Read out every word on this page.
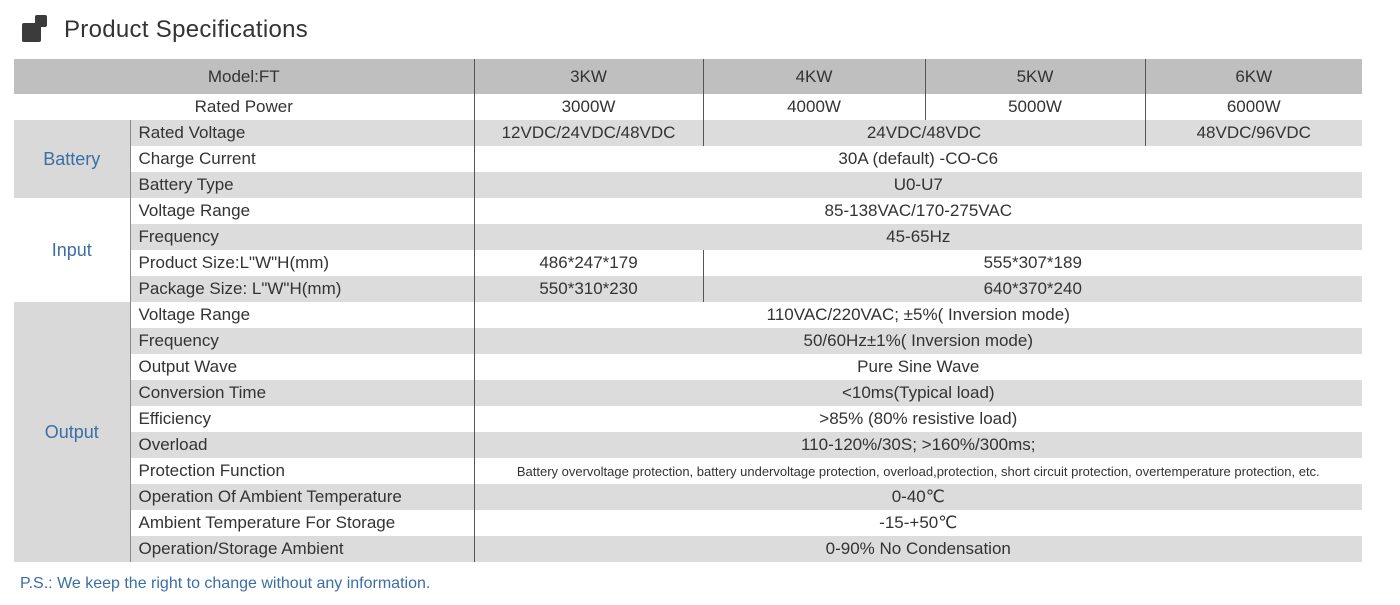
Product Specifications
Model:FT		3KW	4KW	5KW	6KW
Rated Power		3000W	4000W	5000W	6000W
Battery	Rated Voltage	12VDC/24VDC/48VDC	24VDC/48VDC		48VDC/96VDC
	Charge Current	30A (default) -CO-C6			
	Battery Type	U0-U7			
Input	Voltage Range	85-138VAC/170-275VAC			
	Frequency	45-65Hz			
	Product Size:L"W"H(mm)	486*247*179	555*307*189		
	Package Size: L"W"H(mm)	550*310*230	640*370*240		
Output	Voltage Range	110VAC/220VAC; ±5%( Inversion mode)			
	Frequency	50/60Hz±1%( Inversion mode)			
	Output Wave	Pure Sine Wave			
	Conversion Time	<10ms(Typical load)			
	Efficiency	>85% (80% resistive load)			
	Overload	110-120%/30S; >160%/300ms;			
	Protection Function	Battery overvoltage protection, battery undervoltage protection, overload,protection, short circuit protection, overtemperature protection, etc.			
	Operation Of Ambient Temperature	0-40℃			
	Ambient Temperature For Storage	-15-+50℃			
	Operation/Storage Ambient	0-90% No Condensation			
P.S.: We keep the right to change without any information.
